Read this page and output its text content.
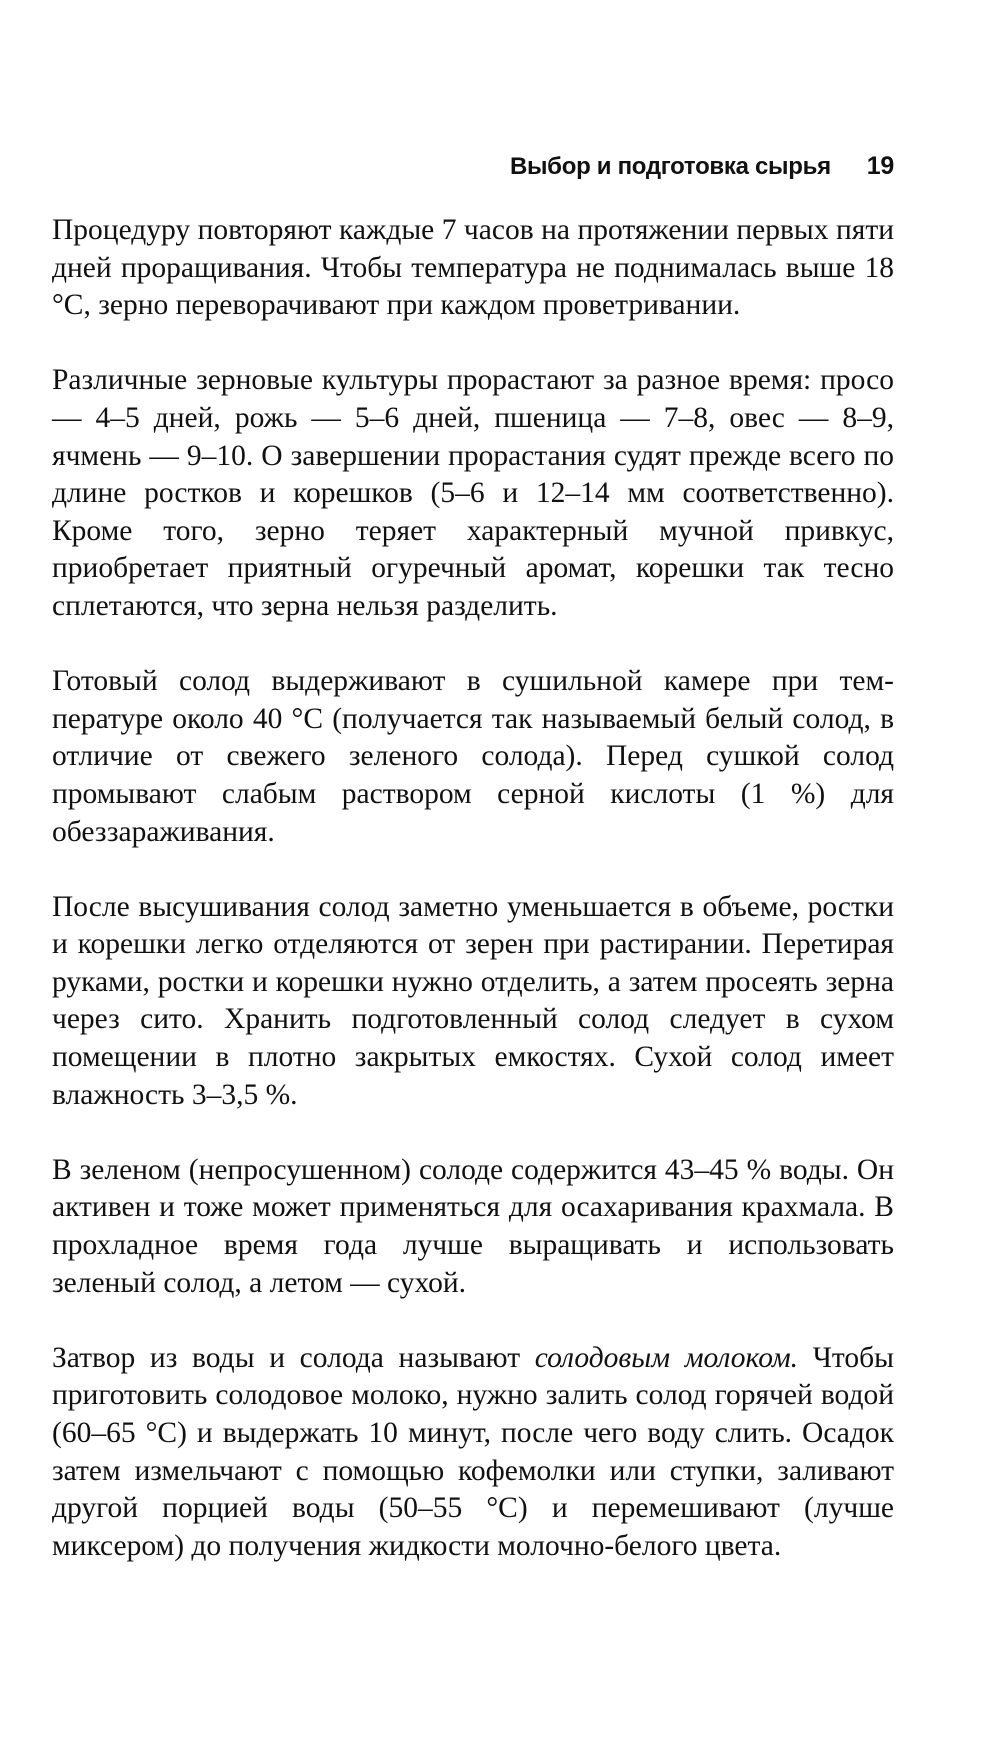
Выбор и подготовка сырья 19

Процедуру повторяют каждые 7 часов на протяжении первых пяти дней проращивания. Чтобы температура не поднималась выше 18 °С, зерно переворачивают при каждом проветривании.

Различные зерновые культуры прорастают за разное время: просо — 4–5 дней, рожь — 5–6 дней, пшеница — 7–8, овес — 8–9, ячмень — 9–10. О завершении прорастания судят прежде всего по длине ростков и корешков (5–6 и 12–14 мм соответственно). Кроме того, зерно теряет характерный мучной привкус, приобретает приятный огуречный аромат, корешки так тесно сплетаются, что зерна нельзя разделить.

Готовый солод выдерживают в сушильной камере при температуре около 40 °С (получается так называемый белый солод, в отличие от свежего зеленого солода). Перед сушкой солод промывают слабым раствором серной кислоты (1 %) для обеззараживания.

После высушивания солод заметно уменьшается в объеме, ростки и корешки легко отделяются от зерен при растирании. Перетирая руками, ростки и корешки нужно отделить, а затем просеять зерна через сито. Хранить подготовленный солод следует в сухом помещении в плотно закрытых емкостях. Сухой солод имеет влажность 3–3,5 %.

В зеленом (непросушенном) солоде содержится 43–45 % воды. Он активен и тоже может применяться для осахаривания крахмала. В прохладное время года лучше выращивать и использовать зеленый солод, а летом — сухой.

Затвор из воды и солода называют солодовым молоком. Чтобы приготовить солодовое молоко, нужно залить солод горячей водой (60–65 °С) и выдержать 10 минут, после чего воду слить. Осадок затем измельчают с помощью кофемолки или ступки, заливают другой порцией воды (50–55 °С) и перемешивают (лучше миксером) до получения жидкости молочно-белого цвета.
